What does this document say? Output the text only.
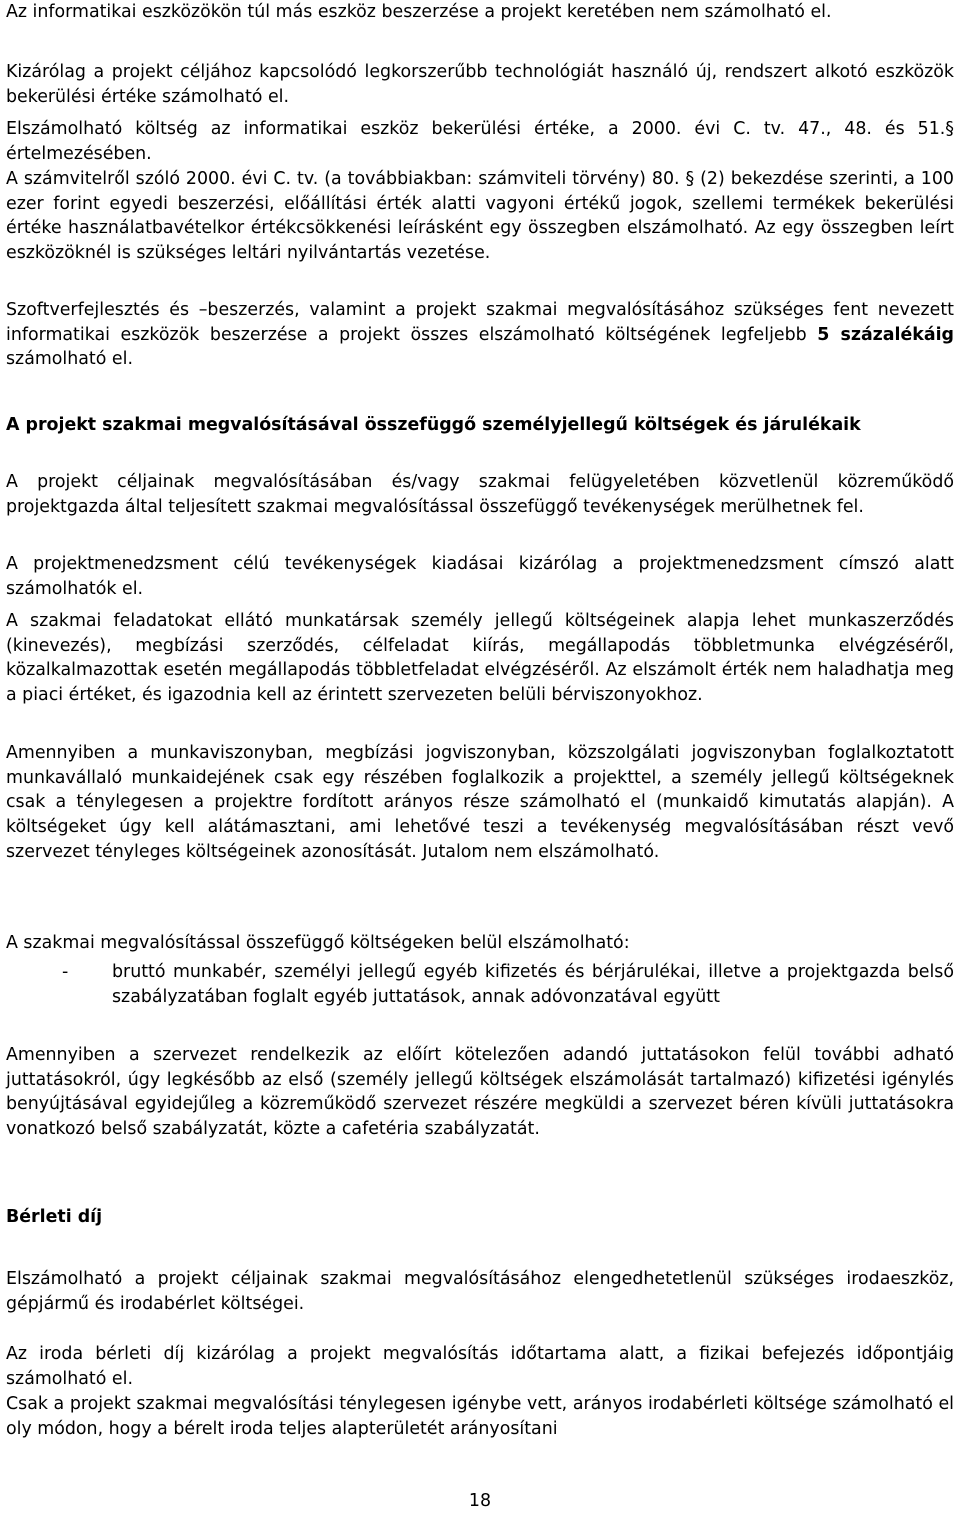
Az informatikai eszközökön túl más eszköz beszerzése a projekt keretében nem számolható el.

Kizárólag a projekt céljához kapcsolódó legkorszerűbb technológiát használó új, rendszert alkotó eszközök bekerülési értéke számolható el.

Elszámolható költség az informatikai eszköz bekerülési értéke, a 2000. évi C. tv. 47., 48. és 51.§ értelmezésében.

A számvitelről szóló 2000. évi C. tv. (a továbbiakban: számviteli törvény) 80. § (2) bekezdése szerinti, a 100 ezer forint egyedi beszerzési, előállítási érték alatti vagyoni értékű jogok, szellemi termékek bekerülési értéke használatbavételkor értékcsökkenési leírásként egy összegben elszámolható. Az egy összegben leírt eszközöknél is szükséges leltári nyilvántartás vezetése.

Szoftverfejlesztés és –beszerzés, valamint a projekt szakmai megvalósításához szükséges fent nevezett informatikai eszközök beszerzése a projekt összes elszámolható költségének legfeljebb 5 százalékáig számolható el.

A projekt szakmai megvalósításával összefüggő személyjellegű költségek és járulékaik

A projekt céljainak megvalósításában és/vagy szakmai felügyeletében közvetlenül közreműködő projektgazda által teljesített szakmai megvalósítással összefüggő tevékenységek merülhetnek fel.

A projektmenedzsment célú tevékenységek kiadásai kizárólag a projektmenedzsment címszó alatt számolhatók el.

A szakmai feladatokat ellátó munkatársak személy jellegű költségeinek alapja lehet munkaszerződés (kinevezés), megbízási szerződés, célfeladat kiírás, megállapodás többletmunka elvégzéséről, közalkalmazottak esetén megállapodás többletfeladat elvégzéséről. Az elszámolt érték nem haladhatja meg a piaci értéket, és igazodnia kell az érintett szervezeten belüli bérviszonyokhoz.

Amennyiben a munkaviszonyban, megbízási jogviszonyban, közszolgálati jogviszonyban foglalkoztatott munkavállaló munkaidejének csak egy részében foglalkozik a projekttel, a személy jellegű költségeknek csak a ténylegesen a projektre fordított arányos része számolható el (munkaidő kimutatás alapján). A költségeket úgy kell alátámasztani, ami lehetővé teszi a tevékenység megvalósításában részt vevő szervezet tényleges költségeinek azonosítását. Jutalom nem elszámolható.

A szakmai megvalósítással összefüggő költségeken belül elszámolható:

-	bruttó munkabér, személyi jellegű egyéb kifizetés és bérjárulékai, illetve a projektgazda belső szabályzatában foglalt egyéb juttatások, annak adóvonzatával együtt

Amennyiben a szervezet rendelkezik az előírt kötelezően adandó juttatásokon felül további adható juttatásokról, úgy legkésőbb az első (személy jellegű költségek elszámolását tartalmazó) kifizetési igénylés benyújtásával egyidejűleg a közreműködő szervezet részére megküldi a szervezet béren kívüli juttatásokra vonatkozó belső szabályzatát, közte a cafetéria szabályzatát.

Bérleti díj

Elszámolható a projekt céljainak szakmai megvalósításához elengedhetetlenül szükséges irodaeszköz, gépjármű és irodabérlet költségei.

Az iroda bérleti díj kizárólag a projekt megvalósítás időtartama alatt, a fizikai befejezés időpontjáig számolható el.

Csak a projekt szakmai megvalósítási ténylegesen igénybe vett, arányos irodabérleti költsége számolható el oly módon, hogy a bérelt iroda teljes alapterületét arányosítani

18
